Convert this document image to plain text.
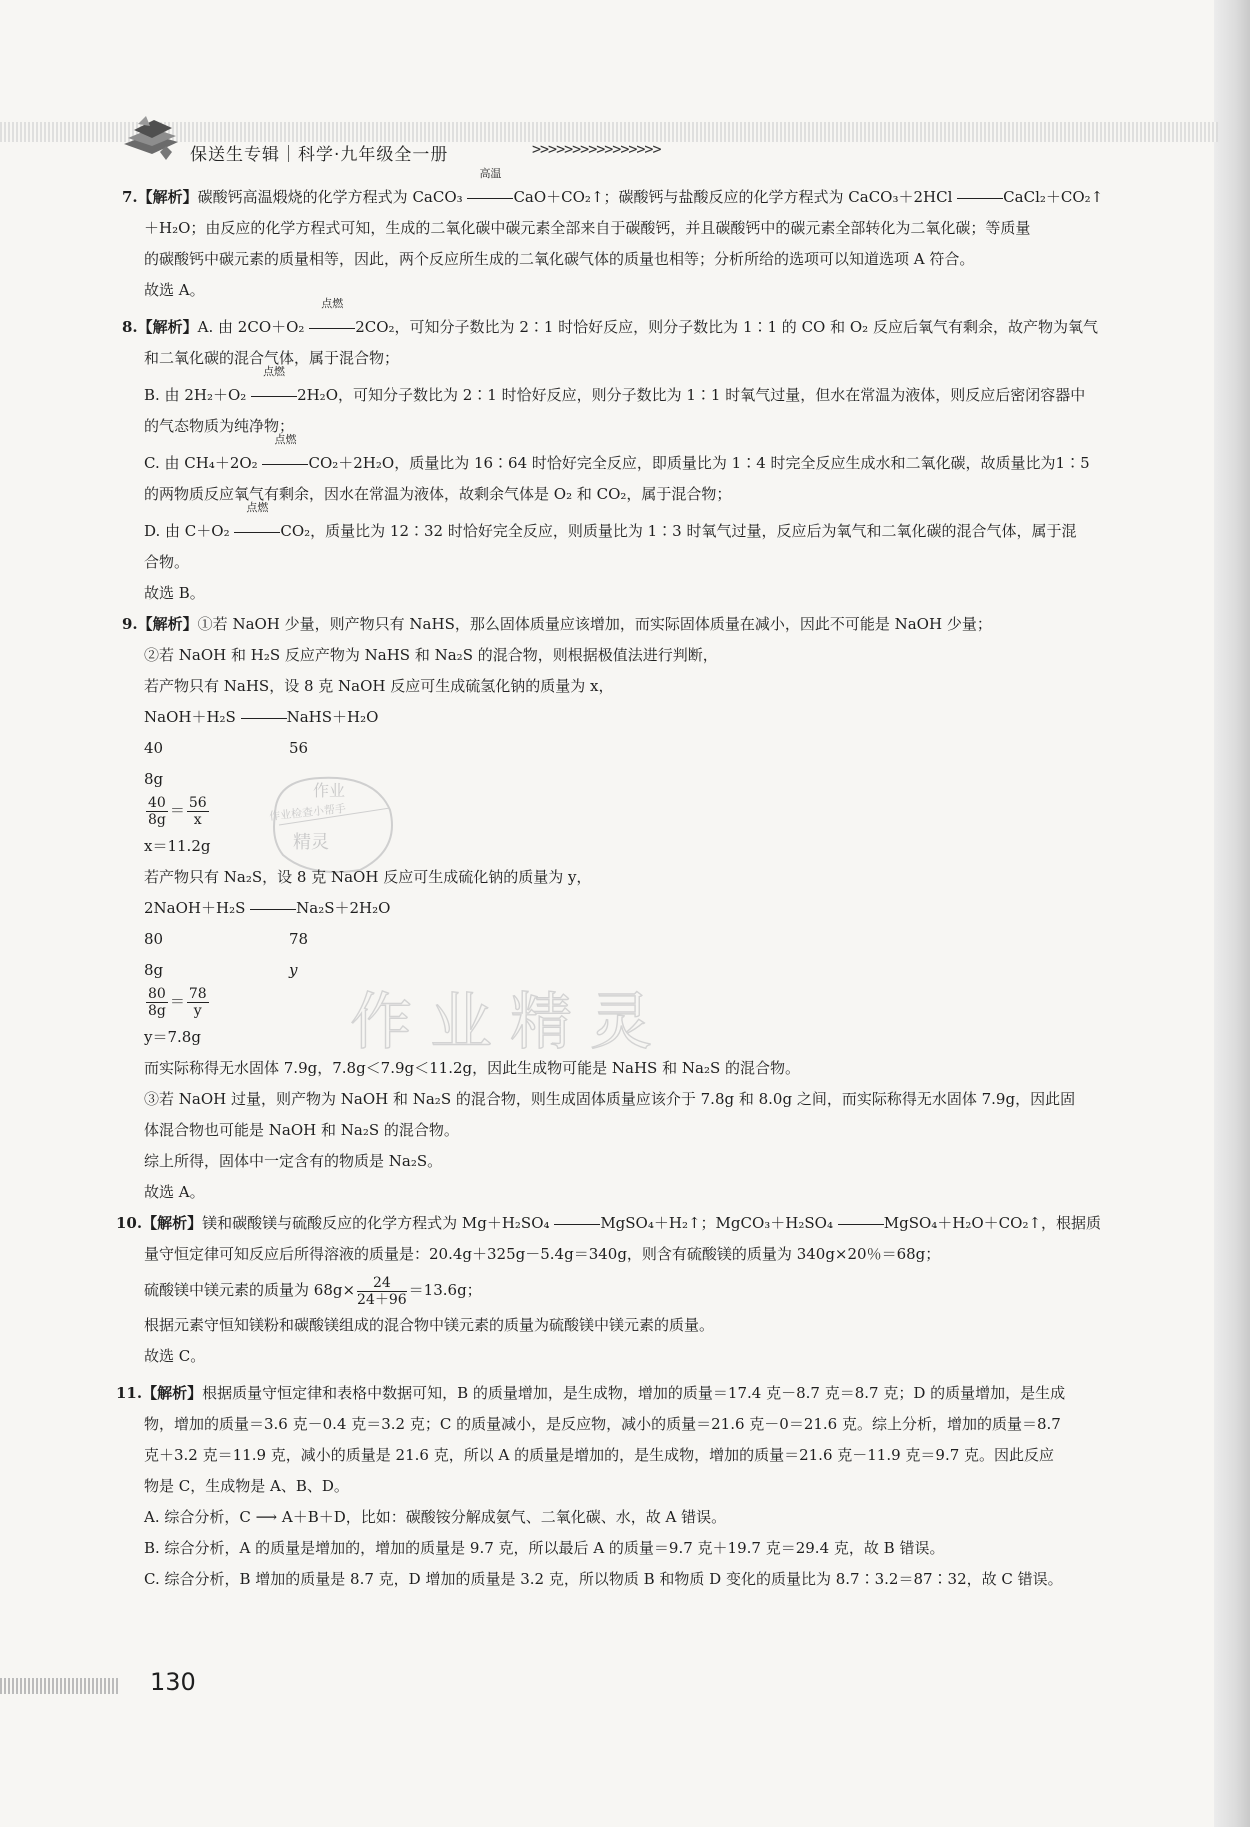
保送生专辑｜科学·九年级全一册	>>>>>>>>>>>>>>>>
作业
作业检查小帮手
精灵
作业精灵
7.【解析】碳酸钙高温煅烧的化学方程式为 CaCO₃
高温
CaO＋CO₂↑；碳酸钙与盐酸反应的化学方程式为 CaCO₃＋2HCl	CaCl₂＋CO₂↑
＋H₂O；由反应的化学方程式可知，生成的二氧化碳中碳元素全部来自于碳酸钙，并且碳酸钙中的碳元素全部转化为二氧化碳；等质量
的碳酸钙中碳元素的质量相等，因此，两个反应所生成的二氧化碳气体的质量也相等；分析所给的选项可以知道选项 A 符合。
故选 A。
8.【解析】A. 由 2CO＋O₂
点燃
2CO₂，可知分子数比为 2∶1 时恰好反应，则分子数比为 1∶1 的 CO 和 O₂ 反应后氧气有剩余，故产物为氧气
和二氧化碳的混合气体，属于混合物；
B. 由 2H₂＋O₂
点燃
2H₂O，可知分子数比为 2∶1 时恰好反应，则分子数比为 1∶1 时氧气过量，但水在常温为液体，则反应后密闭容器中
的气态物质为纯净物；
C. 由 CH₄＋2O₂
点燃
CO₂＋2H₂O，质量比为 16∶64 时恰好完全反应，即质量比为 1∶4 时完全反应生成水和二氧化碳，故质量比为1∶5
的两物质反应氧气有剩余，因水在常温为液体，故剩余气体是 O₂ 和 CO₂，属于混合物；
D. 由 C＋O₂
点燃
CO₂，质量比为 12∶32 时恰好完全反应，则质量比为 1∶3 时氧气过量，反应后为氧气和二氧化碳的混合气体，属于混
合物。
故选 B。
9.【解析】①若 NaOH 少量，则产物只有 NaHS，那么固体质量应该增加，而实际固体质量在减小，因此不可能是 NaOH 少量；
②若 NaOH 和 H₂S 反应产物为 NaHS 和 Na₂S 的混合物，则根据极值法进行判断，
若产物只有 NaHS，设 8 克 NaOH 反应可生成硫氢化钠的质量为 x，
NaOH＋H₂S	NaHS＋H₂O
40	56
8g
$\frac{40}{8g} = \frac{56}{x}$
x＝11.2g
若产物只有 Na₂S，设 8 克 NaOH 反应可生成硫化钠的质量为 y，
2NaOH＋H₂S	Na₂S＋2H₂O
80	78
8g	y
$\frac{80}{8g} = \frac{78}{y}$
y＝7.8g
而实际称得无水固体 7.9g，7.8g＜7.9g＜11.2g，因此生成物可能是 NaHS 和 Na₂S 的混合物。
③若 NaOH 过量，则产物为 NaOH 和 Na₂S 的混合物，则生成固体质量应该介于 7.8g 和 8.0g 之间，而实际称得无水固体 7.9g，因此固
体混合物也可能是 NaOH 和 Na₂S 的混合物。
综上所得，固体中一定含有的物质是 Na₂S。
故选 A。
10.【解析】镁和碳酸镁与硫酸反应的化学方程式为 Mg＋H₂SO₄	MgSO₄＋H₂↑；MgCO₃＋H₂SO₄	MgSO₄＋H₂O＋CO₂↑，根据质
量守恒定律可知反应后所得溶液的质量是：20.4g＋325g－5.4g＝340g，则含有硫酸镁的质量为 340g×20％＝68g；
硫酸镁中镁元素的质量为 $68g\times \frac{24}{24+96} =13.6g$；
根据元素守恒知镁粉和碳酸镁组成的混合物中镁元素的质量为硫酸镁中镁元素的质量。
故选 C。
11.【解析】根据质量守恒定律和表格中数据可知，B 的质量增加，是生成物，增加的质量＝17.4 克－8.7 克＝8.7 克；D 的质量增加，是生成
物，增加的质量＝3.6 克－0.4 克＝3.2 克；C 的质量减小，是反应物，减小的质量＝21.6 克－0＝21.6 克。综上分析，增加的质量＝8.7
克＋3.2 克＝11.9 克，减小的质量是 21.6 克，所以 A 的质量是增加的，是生成物，增加的质量＝21.6 克－11.9 克＝9.7 克。因此反应
物是 C，生成物是 A、B、D。
A. 综合分析，C ⟶ A＋B＋D，比如：碳酸铵分解成氨气、二氧化碳、水，故 A 错误。
B. 综合分析，A 的质量是增加的，增加的质量是 9.7 克，所以最后 A 的质量＝9.7 克＋19.7 克＝29.4 克，故 B 错误。
C. 综合分析，B 增加的质量是 8.7 克，D 增加的质量是 3.2 克，所以物质 B 和物质 D 变化的质量比为 8.7∶3.2＝87∶32，故 C 错误。
130
